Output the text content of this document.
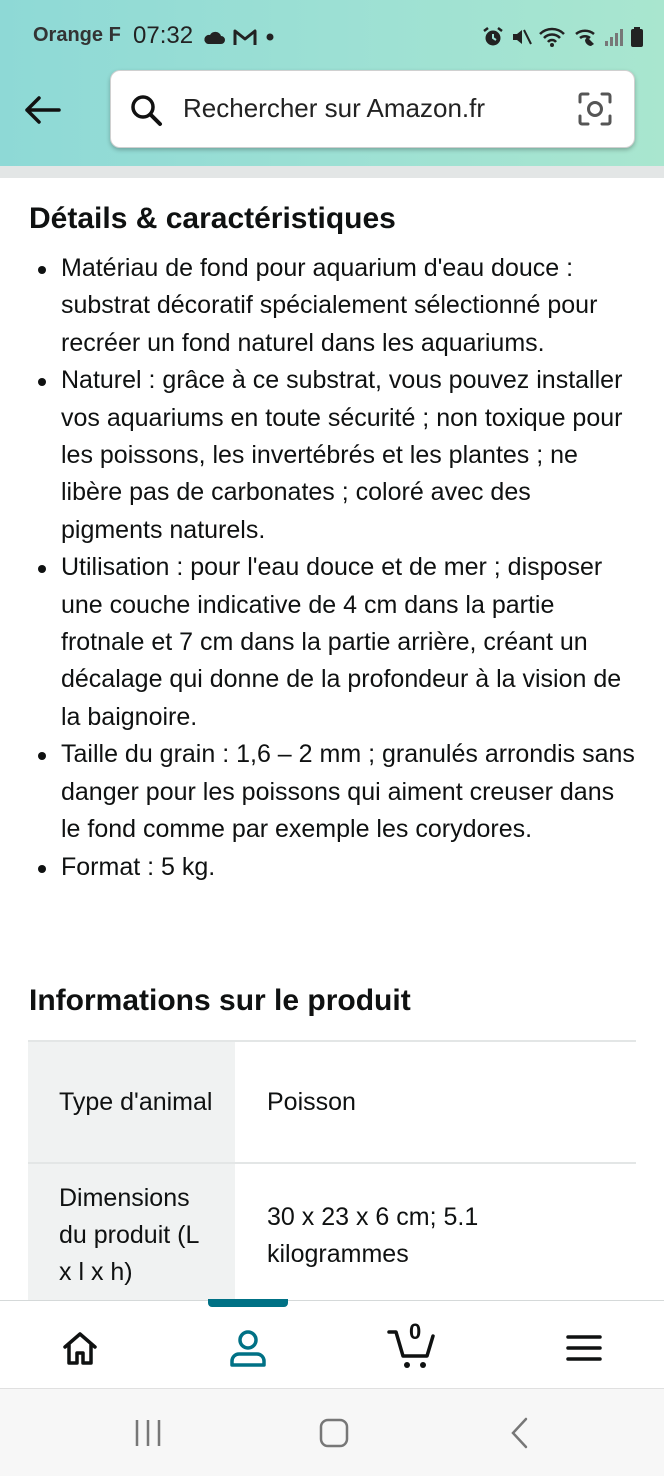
Orange F 07:32
Rechercher sur Amazon.fr
Détails & caractéristiques
Matériau de fond pour aquarium d'eau douce : substrat décoratif spécialement sélectionné pour recréer un fond naturel dans les aquariums.
Naturel : grâce à ce substrat, vous pouvez installer vos aquariums en toute sécurité ; non toxique pour les poissons, les invertébrés et les plantes ; ne libère pas de carbonates ; coloré avec des pigments naturels.
Utilisation : pour l'eau douce et de mer ; disposer une couche indicative de 4 cm dans la partie frotnale et 7 cm dans la partie arrière, créant un décalage qui donne de la profondeur à la vision de la baignoire.
Taille du grain : 1,6 – 2 mm ; granulés arrondis sans danger pour les poissons qui aiment creuser dans le fond comme par exemple les corydores.
Format : 5 kg.
Informations sur le produit
Type d'animal	Poisson
Dimensions du produit (L x l x h)	30 x 23 x 6 cm; 5.1 kilogrammes
0
